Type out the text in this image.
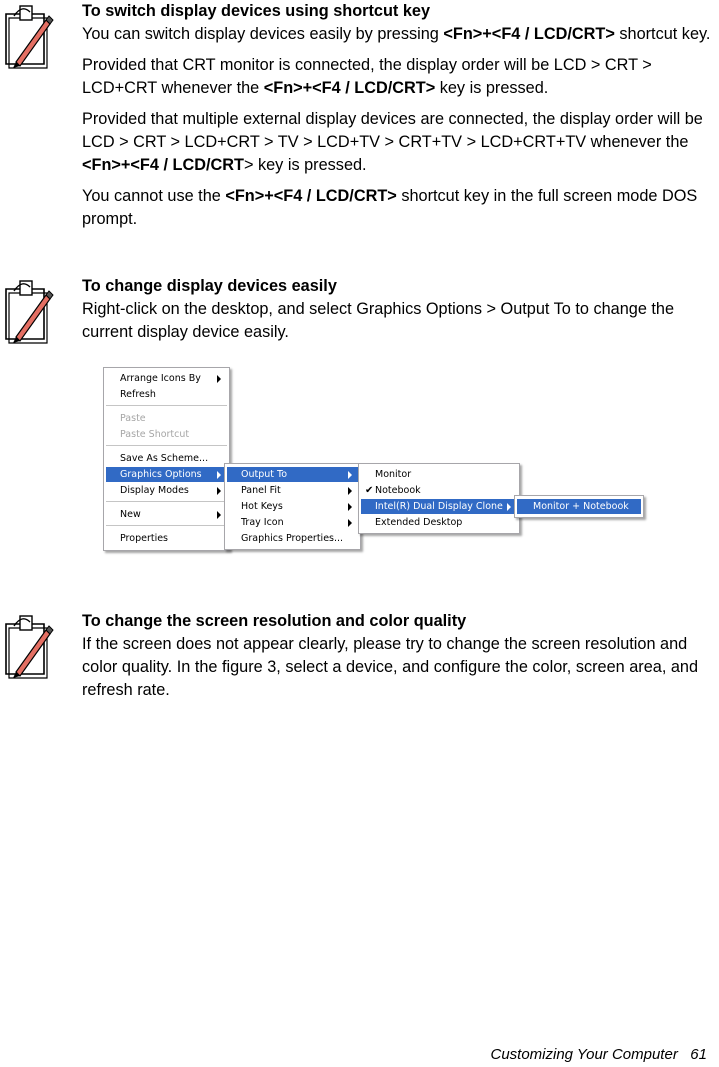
To switch display devices using shortcut key

You can switch display devices easily by pressing <Fn>+<F4 / LCD/CRT> shortcut key.

Provided that CRT monitor is connected, the display order will be LCD > CRT > LCD+CRT whenever the <Fn>+<F4 / LCD/CRT> key is pressed.

Provided that multiple external display devices are connected, the display order will be LCD > CRT > LCD+CRT > TV > LCD+TV > CRT+TV > LCD+CRT+TV whenever the <Fn>+<F4 / LCD/CRT> key is pressed.

You cannot use the <Fn>+<F4 / LCD/CRT> shortcut key in the full screen mode DOS prompt.

To change display devices easily

Right-click on the desktop, and select Graphics Options > Output To to change the current display device easily.

Arrange Icons By
Refresh
Paste
Paste Shortcut
Save As Scheme...
Graphics Options
Display Modes
New
Properties
Output To
Panel Fit
Hot Keys
Tray Icon
Graphics Properties...
Monitor
✔ Notebook
Intel(R) Dual Display Clone
Extended Desktop
Monitor + Notebook

To change the screen resolution and color quality

If the screen does not appear clearly, please try to change the screen resolution and color quality. In the figure 3, select a device, and configure the color, screen area, and refresh rate.

Customizing Your Computer   61
